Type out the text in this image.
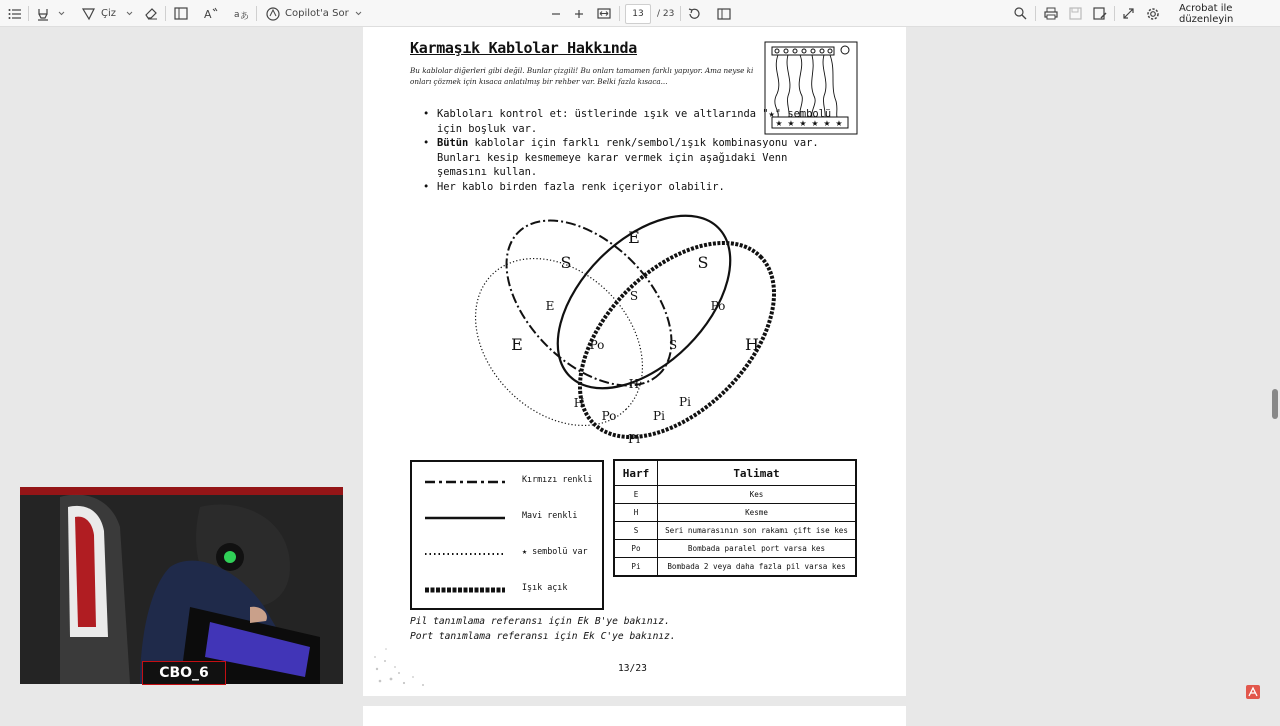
Çiz	A a あ	Copilot'a Sor	13	/ 23	Acrobat ile düzenleyin
Karmaşık Kablolar Hakkında
Bu kablolar diğerleri gibi değil. Bunlar çizgili! Bu onları tamamen farklı yapıyor. Ama neyse ki onları çözmek için kısaca anlatılmış bir rehber var. Belki fazla kısaca...
★ ★ ★ ★ ★ ★
• Kabloları kontrol et: üstlerinde ışık ve altlarında "★" sembolü için boşluk var.
• Bütün kablolar için farklı renk/sembol/ışık kombinasyonu var. Bunları kesip kesmemeye karar vermek için aşağıdaki Venn şemasını kullan.
• Her kablo birden fazla renk içeriyor olabilir.
E
S	S
E
E
S
Po
Po	S	H
H
H
Po	Pi
Pi
Pi
Kırmızı renkli
Mavi renkli
★ sembolü var
Işık açık
Harf	Talimat
E	Kes
H	Kesme
S	Seri numarasının son rakamı çift ise kes
Po	Bombada paralel port varsa kes
Pi	Bombada 2 veya daha fazla pil varsa kes
Pil tanımlama referansı için Ek B'ye bakınız.
Port tanımlama referansı için Ek C'ye bakınız.
13/23
CBO_6
